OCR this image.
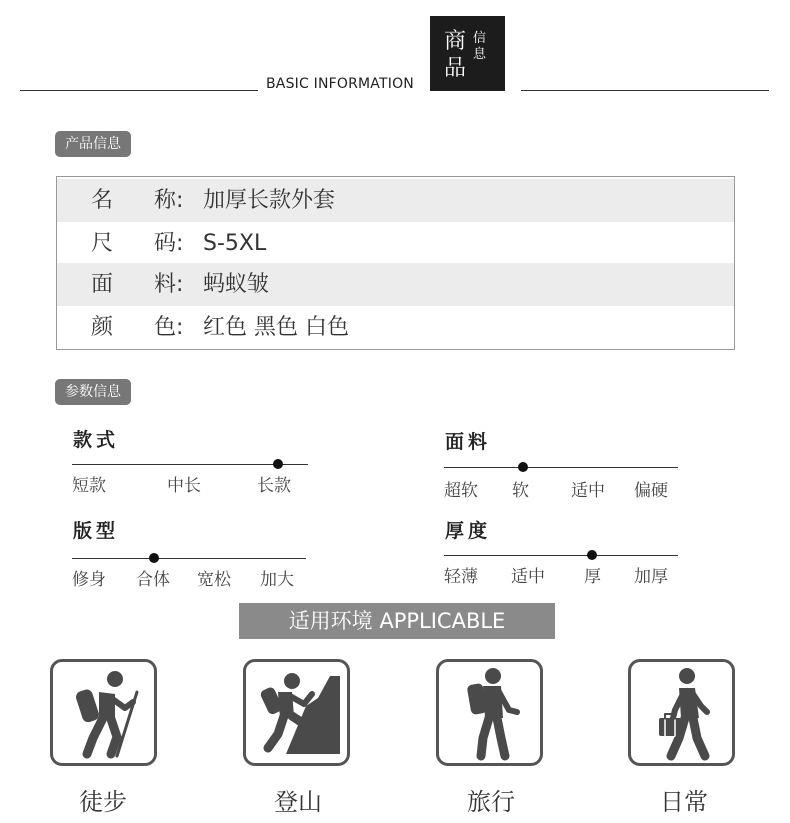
BASIC INFORMATION
商品
信息
产品信息
名 称: 加厚长款外套
尺 码: S-5XL
面 料: 蚂蚁皱
颜 色: 红色 黑色 白色
参数信息
款式
短款	中长	长款
面料
超软 软 适中 偏硬
版型
修身 合体 宽松 加大
厚度
轻薄 适中 厚 加厚
适用环境 APPLICABLE
徒步	登山	旅行	日常
